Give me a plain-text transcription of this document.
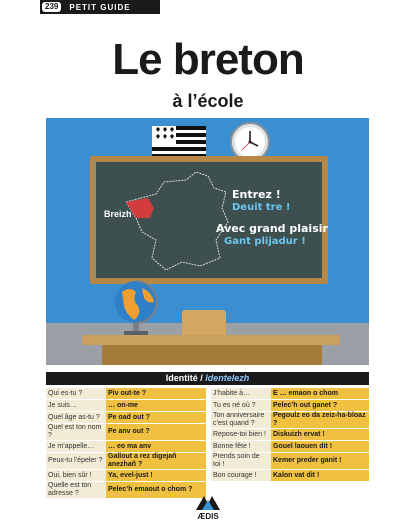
239	PETIT GUIDE
Le breton
à l’école
Breizh
Entrez !
Deuit tre !
Avec grand plaisir
Gant plijadur !
Identité / Identelezh
Qui es-tu ?	Piv out-te ?
Je suis…	… on-me
Quel âge as-tu ?	Pe oad out ?
Quel est ton nom ?	Pe anv out ?
Je m’appelle…	… eo ma anv
Peux-tu l’épeler ?	Gallout a rez digejañ anezhañ ?
Oui, bien sûr !	Ya, evel-just !
Quelle est ton adresse ?	Pelec’h emaout o chom ?
J’habite à…	E … emaon o chom
Tu es né où ?	Pelec’h out ganet ?
Ton anniversaire c’est quand ?	Pegoulz eo da zeiz-ha-bloaz ?
Repose-toi bien !	Diskuizh ervat !
Bonne fête !	Gouel laouen dit !
Prends soin de toi !	Kemer preder ganit !
Bon courage !	Kalon vat dit !
ÆDIS
